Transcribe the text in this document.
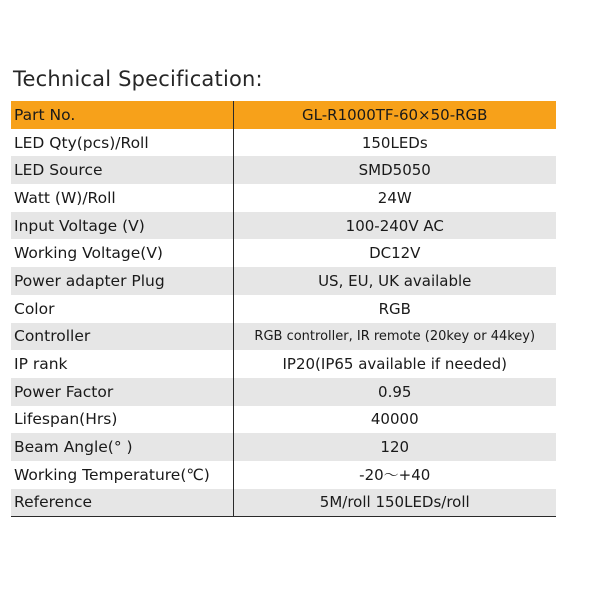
Technical Specification:
Part No.	GL-R1000TF-60×50-RGB
LED Qty(pcs)/Roll	150LEDs
LED Source	SMD5050
Watt (W)/Roll	24W
Input Voltage (V)	100-240V AC
Working Voltage(V)	DC12V
Power adapter Plug	US, EU, UK available
Color	RGB
Controller	RGB controller, IR remote (20key or 44key)
IP rank	IP20(IP65 available if needed)
Power Factor	0.95
Lifespan(Hrs)	40000
Beam Angle(° )	120
Working Temperature(℃)	-20～+40
Reference	5M/roll 150LEDs/roll
